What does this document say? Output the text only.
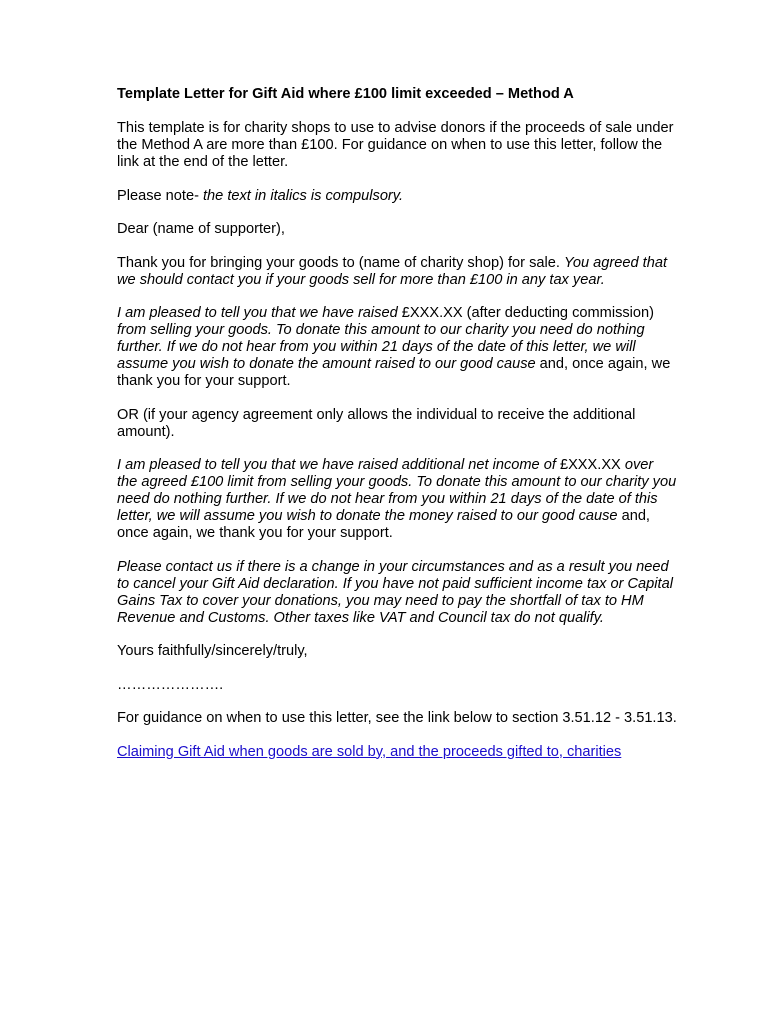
Template Letter for Gift Aid where £100 limit exceeded – Method A

This template is for charity shops to use to advise donors if the proceeds of sale under the Method A are more than £100. For guidance on when to use this letter, follow the link at the end of the letter.

Please note- the text in italics is compulsory.

Dear (name of supporter),

Thank you for bringing your goods to (name of charity shop) for sale. You agreed that we should contact you if your goods sell for more than £100 in any tax year.

I am pleased to tell you that we have raised £XXX.XX (after deducting commission) from selling your goods. To donate this amount to our charity you need do nothing further. If we do not hear from you within 21 days of the date of this letter, we will assume you wish to donate the amount raised to our good cause and, once again, we thank you for your support.

OR (if your agency agreement only allows the individual to receive the additional amount).

I am pleased to tell you that we have raised additional net income of £XXX.XX over the agreed £100 limit from selling your goods. To donate this amount to our charity you need do nothing further. If we do not hear from you within 21 days of the date of this letter, we will assume you wish to donate the money raised to our good cause and, once again, we thank you for your support.

Please contact us if there is a change in your circumstances and as a result you need to cancel your Gift Aid declaration. If you have not paid sufficient income tax or Capital Gains Tax to cover your donations, you may need to pay the shortfall of tax to HM Revenue and Customs. Other taxes like VAT and Council tax do not qualify.

Yours faithfully/sincerely/truly,

………………….

For guidance on when to use this letter, see the link below to section 3.51.12 - 3.51.13.

Claiming Gift Aid when goods are sold by, and the proceeds gifted to, charities
